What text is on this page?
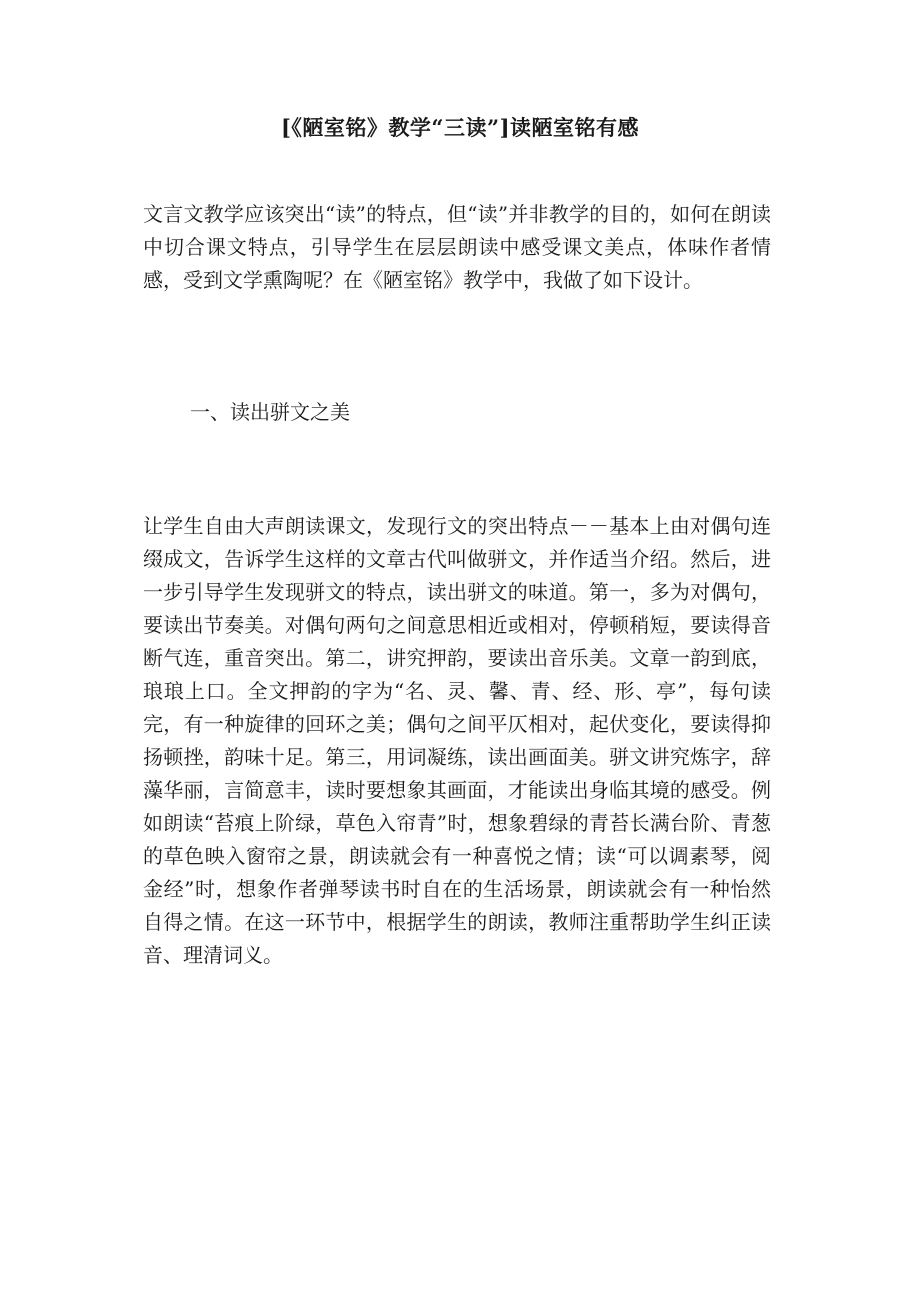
[《陋室铭》教学“三读”]读陋室铭有感

文言文教学应该突出“读”的特点，但“读”并非教学的目的，如何在朗读中切合课文特点，引导学生在层层朗读中感受课文美点，体味作者情感，受到文学熏陶呢？在《陋室铭》教学中，我做了如下设计。

一、读出骈文之美

让学生自由大声朗读课文，发现行文的突出特点－－基本上由对偶句连缀成文，告诉学生这样的文章古代叫做骈文，并作适当介绍。然后，进一步引导学生发现骈文的特点，读出骈文的味道。第一，多为对偶句，要读出节奏美。对偶句两句之间意思相近或相对，停顿稍短，要读得音断气连，重音突出。第二，讲究押韵，要读出音乐美。文章一韵到底，琅琅上口。全文押韵的字为“名、灵、馨、青、经、形、亭”，每句读完，有一种旋律的回环之美；偶句之间平仄相对，起伏变化，要读得抑扬顿挫，韵味十足。第三，用词凝练，读出画面美。骈文讲究炼字，辞藻华丽，言简意丰，读时要想象其画面，才能读出身临其境的感受。例如朗读“苔痕上阶绿，草色入帘青”时，想象碧绿的青苔长满台阶、青葱的草色映入窗帘之景，朗读就会有一种喜悦之情；读“可以调素琴，阅金经”时，想象作者弹琴读书时自在的生活场景，朗读就会有一种怡然自得之情。在这一环节中，根据学生的朗读，教师注重帮助学生纠正读音、理清词义。
